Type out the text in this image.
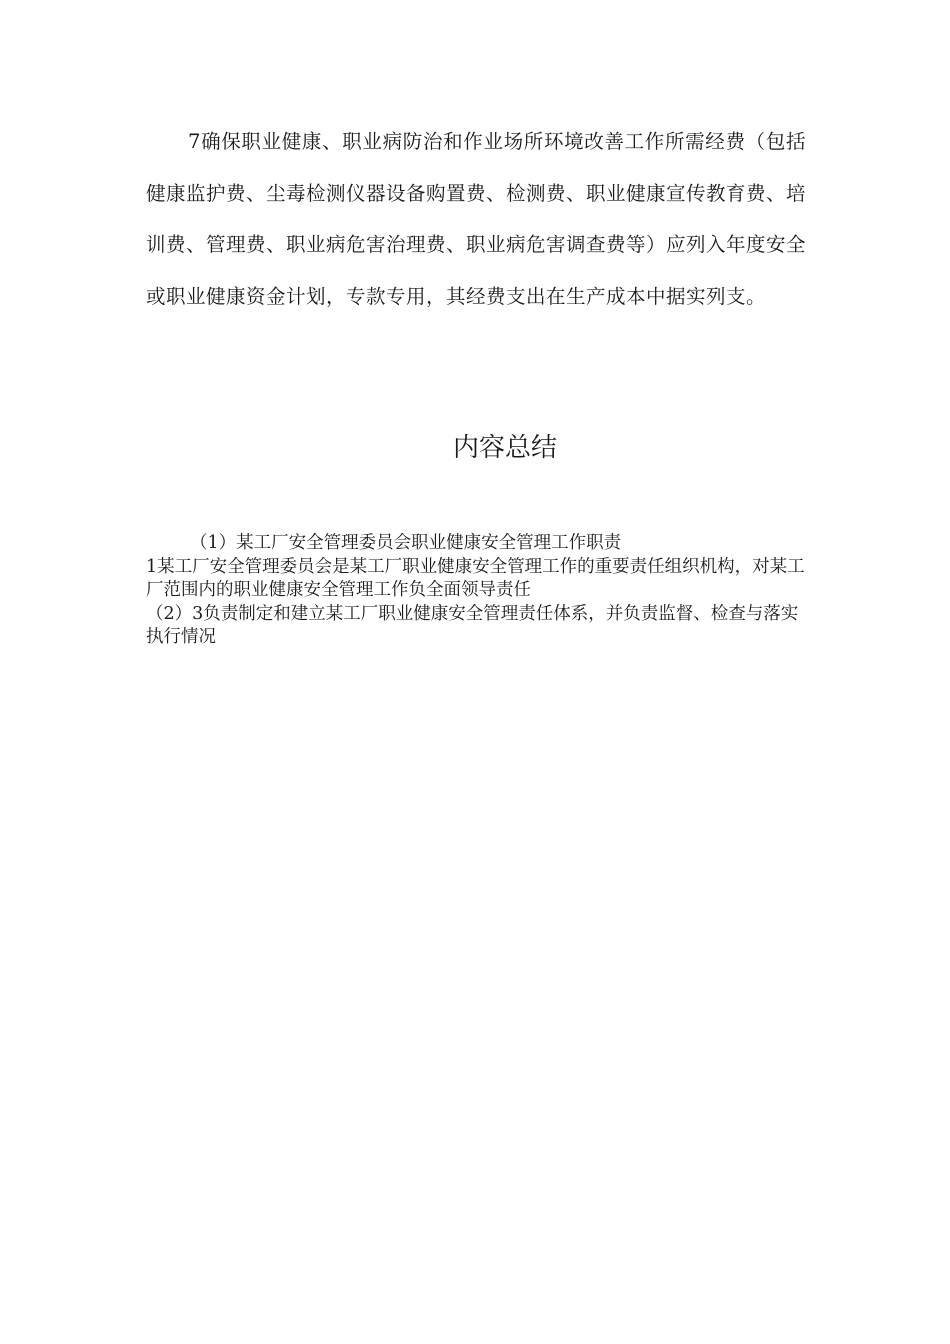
7确保职业健康、职业病防治和作业场所环境改善工作所需经费（包括健康监护费、尘毒检测仪器设备购置费、检测费、职业健康宣传教育费、培训费、管理费、职业病危害治理费、职业病危害调查费等）应列入年度安全或职业健康资金计划，专款专用，其经费支出在生产成本中据实列支。

内容总结

（1）某工厂安全管理委员会职业健康安全管理工作职责

1某工厂安全管理委员会是某工厂职业健康安全管理工作的重要责任组织机构，对某工厂范围内的职业健康安全管理工作负全面领导责任

（2）3负责制定和建立某工厂职业健康安全管理责任体系，并负责监督、检查与落实执行情况
